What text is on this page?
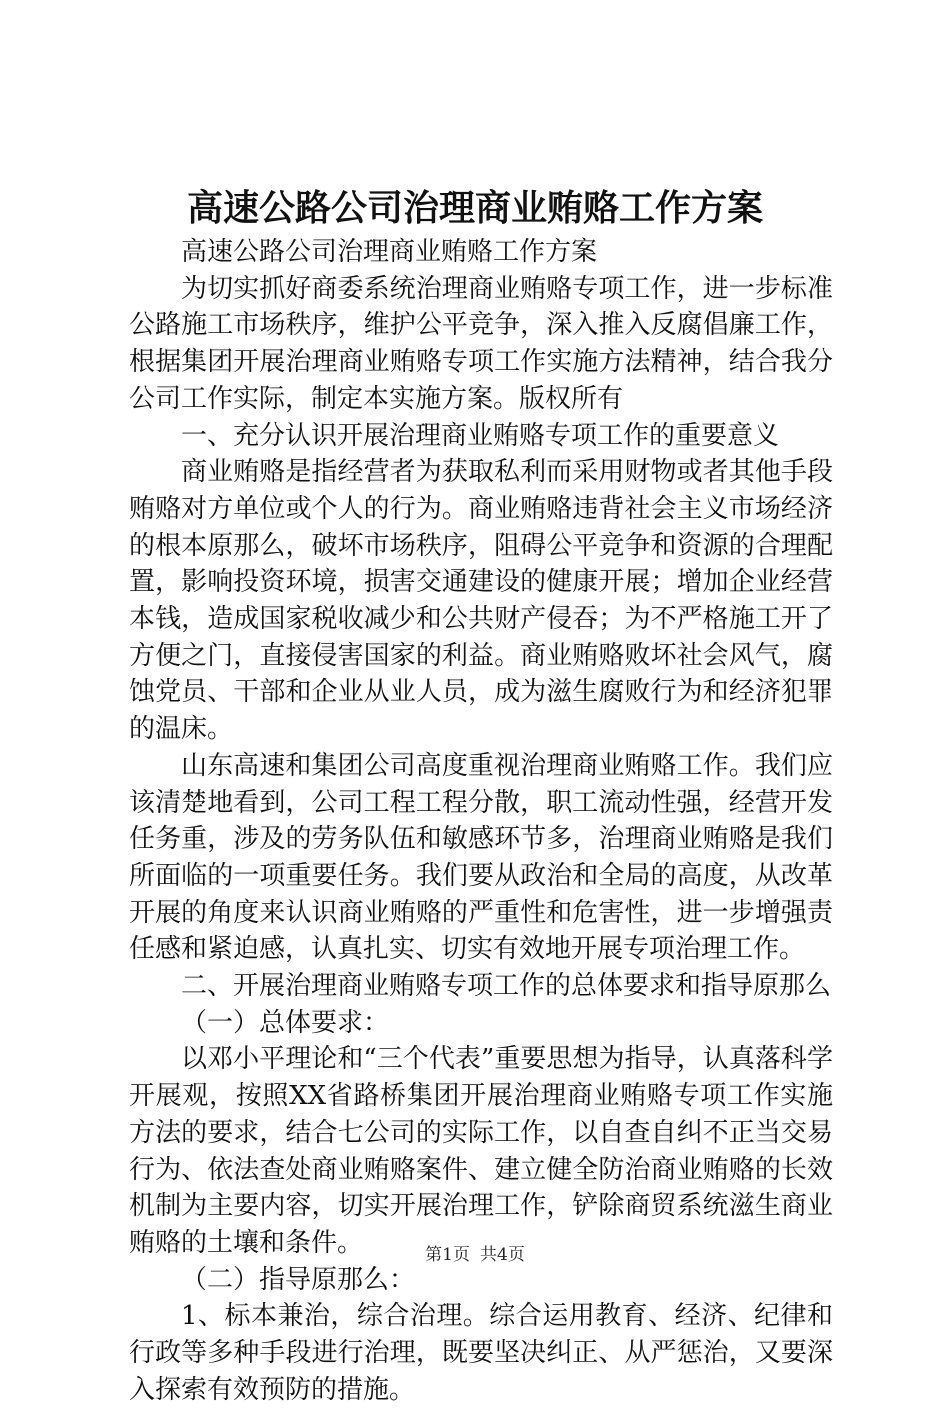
高速公路公司治理商业贿赂工作方案

高速公路公司治理商业贿赂工作方案

为切实抓好商委系统治理商业贿赂专项工作，进一步标准公路施工市场秩序，维护公平竞争，深入推入反腐倡廉工作，根据集团开展治理商业贿赂专项工作实施方法精神，结合我分公司工作实际，制定本实施方案。版权所有

一、充分认识开展治理商业贿赂专项工作的重要意义

商业贿赂是指经营者为获取私利而采用财物或者其他手段贿赂对方单位或个人的行为。商业贿赂违背社会主义市场经济的根本原那么，破坏市场秩序，阻碍公平竞争和资源的合理配置，影响投资环境，损害交通建设的健康开展；增加企业经营本钱，造成国家税收减少和公共财产侵吞；为不严格施工开了方便之门，直接侵害国家的利益。商业贿赂败坏社会风气，腐蚀党员、干部和企业从业人员，成为滋生腐败行为和经济犯罪的温床。

山东高速和集团公司高度重视治理商业贿赂工作。我们应该清楚地看到，公司工程工程分散，职工流动性强，经营开发任务重，涉及的劳务队伍和敏感环节多，治理商业贿赂是我们所面临的一项重要任务。我们要从政治和全局的高度，从改革开展的角度来认识商业贿赂的严重性和危害性，进一步增强责任感和紧迫感，认真扎实、切实有效地开展专项治理工作。

二、开展治理商业贿赂专项工作的总体要求和指导原那么

（一）总体要求：

以邓小平理论和“三个代表”重要思想为指导，认真落科学开展观，按照XX省路桥集团开展治理商业贿赂专项工作实施方法的要求，结合七公司的实际工作，以自查自纠不正当交易行为、依法查处商业贿赂案件、建立健全防治商业贿赂的长效机制为主要内容，切实开展治理工作，铲除商贸系统滋生商业贿赂的土壤和条件。

（二）指导原那么：

1、标本兼治，综合治理。综合运用教育、经济、纪律和行政等多种手段进行治理，既要坚决纠正、从严惩治，又要深入探索有效预防的措施。

第1页 共4页
